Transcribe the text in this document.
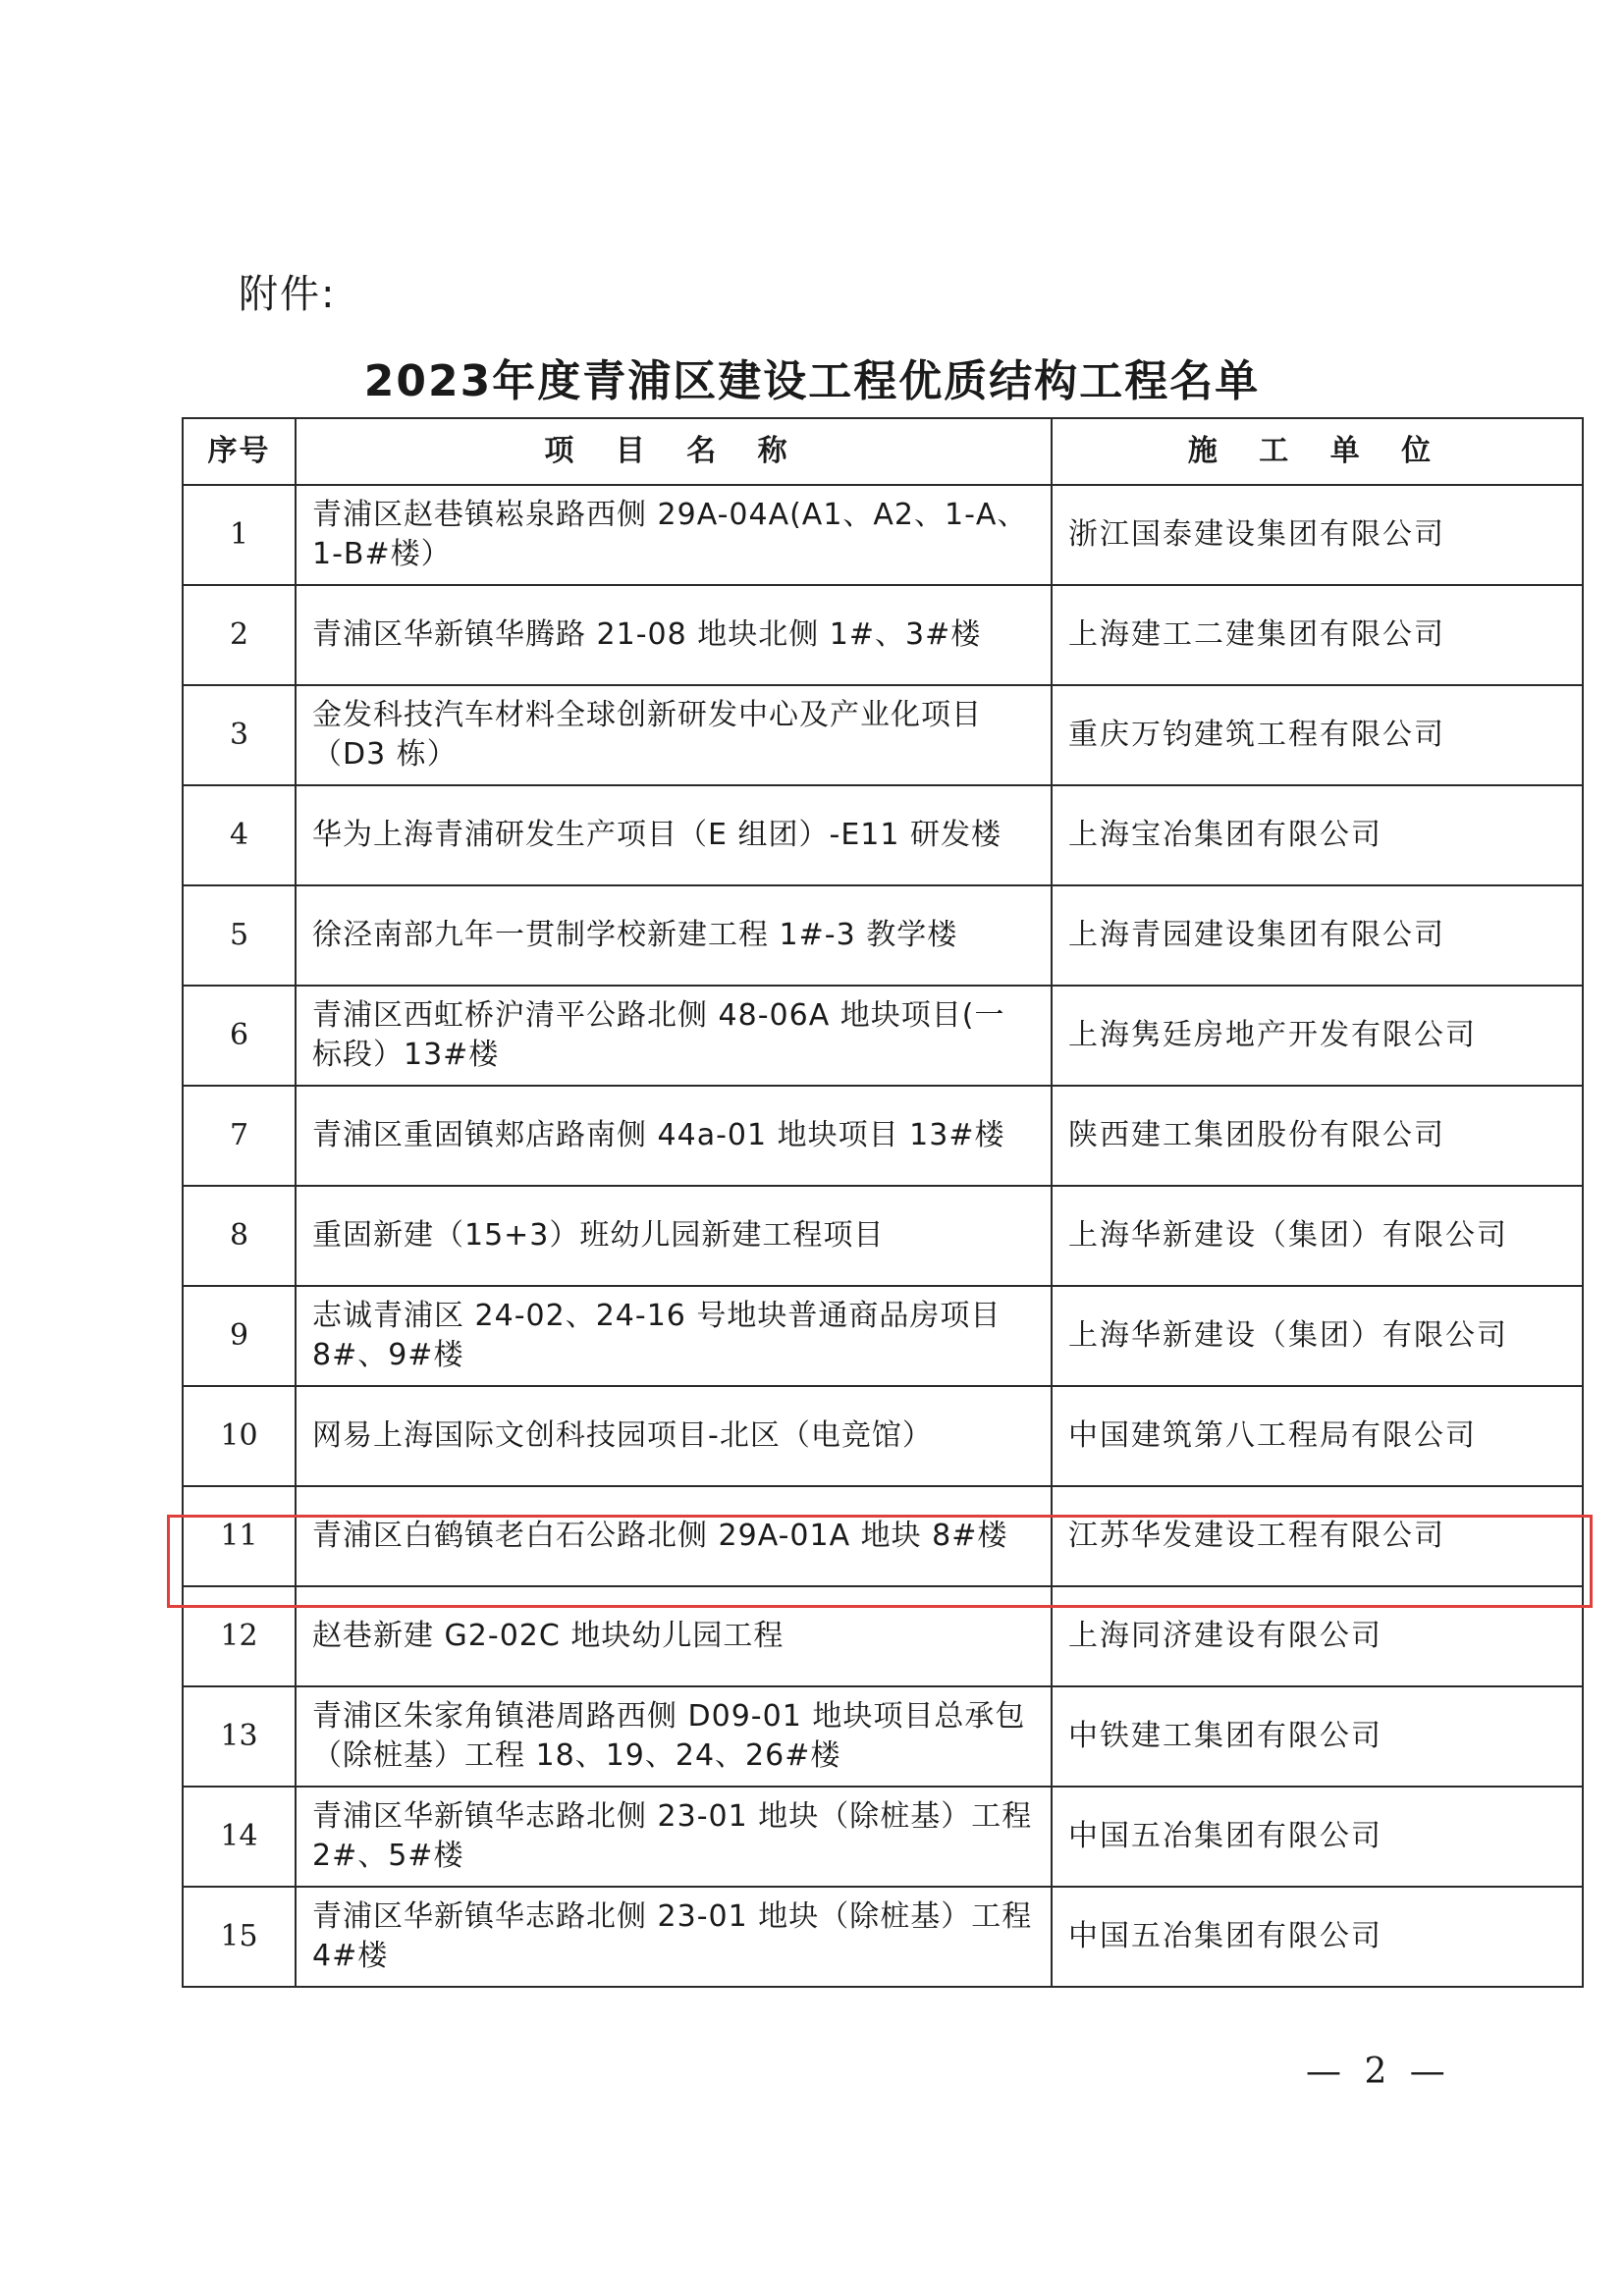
附件:
2023年度青浦区建设工程优质结构工程名单
序号	项 目 名 称	施 工 单 位
1	青浦区赵巷镇崧泉路西侧 29A-04A(A1、A2、1-A、1-B#楼）	浙江国泰建设集团有限公司
2	青浦区华新镇华腾路 21-08 地块北侧 1#、3#楼	上海建工二建集团有限公司
3	金发科技汽车材料全球创新研发中心及产业化项目（D3 栋）	重庆万钧建筑工程有限公司
4	华为上海青浦研发生产项目（E 组团）-E11 研发楼	上海宝冶集团有限公司
5	徐泾南部九年一贯制学校新建工程 1#-3 教学楼	上海青园建设集团有限公司
6	青浦区西虹桥沪清平公路北侧 48-06A 地块项目(一标段）13#楼	上海隽廷房地产开发有限公司
7	青浦区重固镇郏店路南侧 44a-01 地块项目 13#楼	陕西建工集团股份有限公司
8	重固新建（15+3）班幼儿园新建工程项目	上海华新建设（集团）有限公司
9	志诚青浦区 24-02、24-16 号地块普通商品房项目 8#、9#楼	上海华新建设（集团）有限公司
10	网易上海国际文创科技园项目-北区（电竞馆）	中国建筑第八工程局有限公司
11	青浦区白鹤镇老白石公路北侧 29A-01A 地块 8#楼	江苏华发建设工程有限公司
12	赵巷新建 G2-02C 地块幼儿园工程	上海同济建设有限公司
13	青浦区朱家角镇港周路西侧 D09-01 地块项目总承包（除桩基）工程 18、19、24、26#楼	中铁建工集团有限公司
14	青浦区华新镇华志路北侧 23-01 地块（除桩基）工程 2#、5#楼	中国五冶集团有限公司
15	青浦区华新镇华志路北侧 23-01 地块（除桩基）工程 4#楼	中国五冶集团有限公司
— 2 —
